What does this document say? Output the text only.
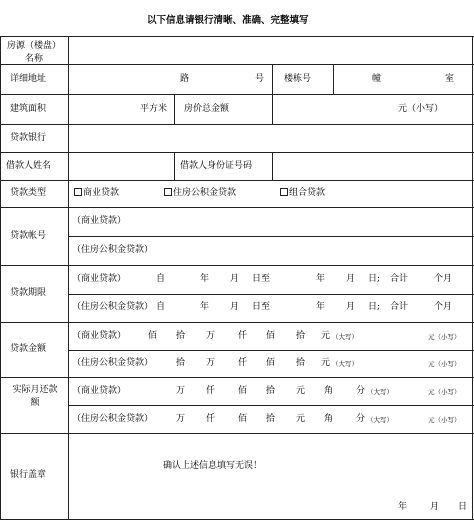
以下信息请银行清晰、准确、完整填写
房源（楼盘）名称
详细地址	路	号 楼栋号	幢	室
建筑面积	平方米 房价总金额	元（小写）
贷款银行
借款人姓名	借款人身份证号码
贷款类型	商业贷款	住房公积金贷款	组合贷款
贷款帐号
（商业贷款）
（住房公积金贷款）
贷款期限
（商业贷款）	自	年 月 日至	年 月 日; 合计	个月
（住房公积金贷款） 自	年 月 日至	年 月 日; 合计	个月
贷款金额
（商业贷款） 佰 拾 万	仟 佰 拾 元 （大写）	元（小写）
（住房公积金贷款）	拾 万	仟 佰 拾 元 （大写）	元（小写）
实际月还款额
（商业贷款）	万 仟	佰 拾 元 角	分 （大写）	元（小写）
（住房公积金贷款）	万 仟	佰 拾 元 角	分 （大写）	元（小写）
银行盖章
确认上述信息填写无误！
年	月 日
